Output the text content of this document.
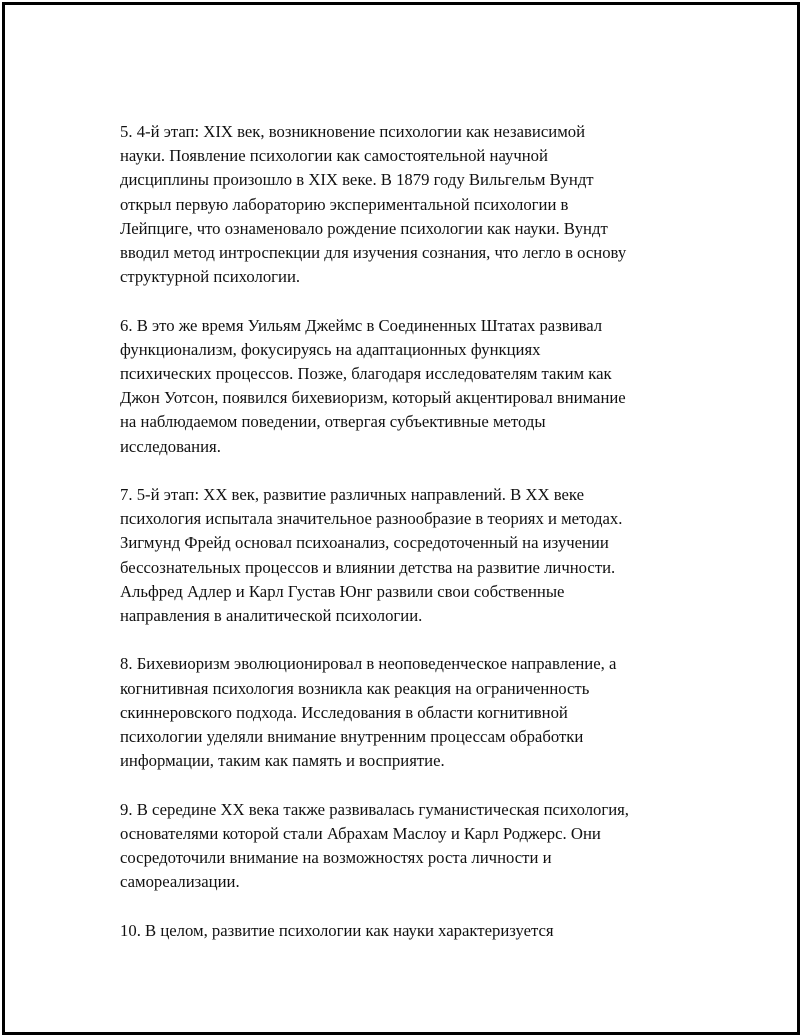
5. 4-й этап: XIX век, возникновение психологии как независимой
науки. Появление психологии как самостоятельной научной
дисциплины произошло в XIX веке. В 1879 году Вильгельм Вундт
открыл первую лабораторию экспериментальной психологии в
Лейпциге, что ознаменовало рождение психологии как науки. Вундт
вводил метод интроспекции для изучения сознания, что легло в основу
структурной психологии.
6. В это же время Уильям Джеймс в Соединенных Штатах развивал
функционализм, фокусируясь на адаптационных функциях
психических процессов. Позже, благодаря исследователям таким как
Джон Уотсон, появился бихевиоризм, который акцентировал внимание
на наблюдаемом поведении, отвергая субъективные методы
исследования.
7. 5-й этап: XX век, развитие различных направлений. В XX веке
психология испытала значительное разнообразие в теориях и методах.
Зигмунд Фрейд основал психоанализ, сосредоточенный на изучении
бессознательных процессов и влиянии детства на развитие личности.
Альфред Адлер и Карл Густав Юнг развили свои собственные
направления в аналитической психологии.
8. Бихевиоризм эволюционировал в неоповеденческое направление, а
когнитивная психология возникла как реакция на ограниченность
скиннеровского подхода. Исследования в области когнитивной
психологии уделяли внимание внутренним процессам обработки
информации, таким как память и восприятие.
9. В середине XX века также развивалась гуманистическая психология,
основателями которой стали Абрахам Маслоу и Карл Роджерс. Они
сосредоточили внимание на возможностях роста личности и
самореализации.
10. В целом, развитие психологии как науки характеризуется
